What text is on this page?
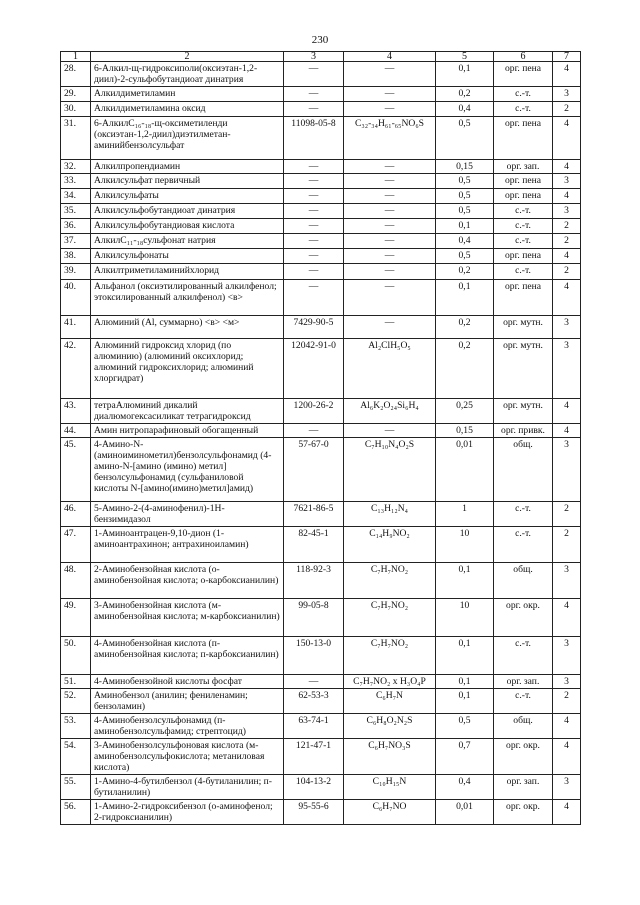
230
1	2	3	4	5	6	7
28.	6-Алкил-щ-гидроксиполи(оксиэтан-1,2-диил)-2-сульфобутандиоат динатрия	—	—	0,1	орг. пена	4
29.	Алкилдиметиламин	—	—	0,2	с.-т.	3
30.	Алкилдиметиламина оксид	—	—	0,4	с.-т.	2
31.	6-АлкилС₁₆-₁₈-щ-оксиметиленди (оксиэтан-1,2-диил)диэтилметан-аминийбензолсульфат	11098-05-8	C₃₂-₃₄H₆₁-₆₅NO₆S	0,5	орг. пена	4
32.	Алкилпропендиамин	—	—	0,15	орг. зап.	4
33.	Алкилсульфат первичный	—	—	0,5	орг. пена	3
34.	Алкилсульфаты	—	—	0,5	орг. пена	4
35.	Алкилсульфобутандиоат динатрия	—	—	0,5	с.-т.	3
36.	Алкилсульфобутандиовая кислота	—	—	0,1	с.-т.	2
37.	АлкилС₁₁-₁₈сульфонат натрия	—	—	0,4	с.-т.	2
38.	Алкилсульфонаты	—	—	0,5	орг. пена	4
39.	Алкилтриметиламинийхлорид	—	—	0,2	с.-т.	2
40.	Альфанол (оксиэтилированный алкилфенол; этоксилированный алкилфенол) <в>	—	—	0,1	орг. пена	4
41.	Алюминий (Al, суммарно) <в> <м>	7429-90-5	—	0,2	орг. мутн.	3
42.	Алюминий гидроксид хлорид (по алюминию) (алюминий оксихлорид; алюминий гидроксихлорид; алюминий хлоргидрат)	12042-91-0	Al₂ClH₅O₅	0,2	орг. мутн.	3
43.	тетраАлюминий дикалий диалюмогексасиликат тетрагидроксид	1200-26-2	Al₆K₂O₂₄Si₆H₄	0,25	орг. мутн.	4
44.	Амин нитропарафиновый обогащенный	—	—	0,15	орг. привк.	4
45.	4-Амино-N-(аминоиминометил)бензолсульфонамид (4- амино-N-[амино (имино) метил] бензолсульфонамид (сульфаниловой кислоты N-[амино(имино)метил]амид)	57-67-0	C₇H₁₀N₄O₂S	0,01	общ.	3
46.	5-Амино-2-(4-аминофенил)-1H-бензимидазол	7621-86-5	C₁₃H₁₂N₄	1	с.-т.	2
47.	1-Аминоантрацен-9,10-дион (1-аминоантрахинон; антрахиноиламин)	82-45-1	C₁₄H₉NO₂	10	с.-т.	2
48.	2-Аминобензойная кислота (о-аминобензойная кислота; о-карбоксианилин)	118-92-3	C₇H₇NO₂	0,1	общ.	3
49.	3-Аминобензойная кислота (м-аминобензойная кислота; м-карбоксианилин)	99-05-8	C₇H₇NO₂	10	орг. окр.	4
50.	4-Аминобензойная кислота (п-аминобензойная кислота; п-карбоксианилин)	150-13-0	C₇H₇NO₂	0,1	с.-т.	3
51.	4-Аминобензойной кислоты фосфат	—	C₇H₇NO₂ x H₃O₄P	0,1	орг. зап.	3
52.	Аминобензол (анилин; фениленамин; бензоламин)	62-53-3	C₆H₇N	0,1	с.-т.	2
53.	4-Аминобензолсульфонамид (п-аминобензолсульфамид; стрептоцид)	63-74-1	C₆H₈O₂N₂S	0,5	общ.	4
54.	3-Аминобензолсульфоновая кислота (м-аминобензолсульфокислота; метаниловая кислота)	121-47-1	C₆H₇NO₃S	0,7	орг. окр.	4
55.	1-Амино-4-бутилбензол (4-бутиланилин; п-бутиланилин)	104-13-2	C₁₀H₁₅N	0,4	орг. зап.	3
56.	1-Амино-2-гидроксибензол (о-аминофенол; 2-гидроксианилин)	95-55-6	C₆H₇NO	0,01	орг. окр.	4
